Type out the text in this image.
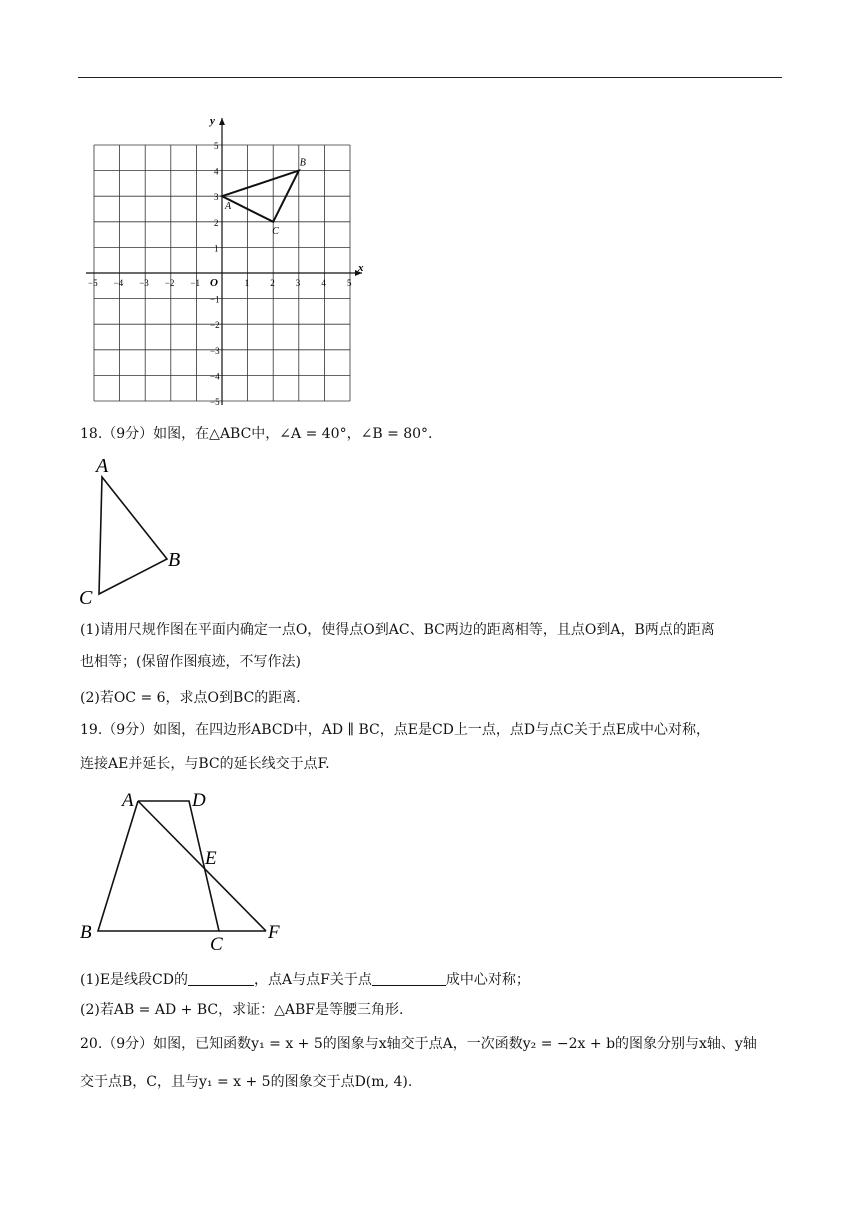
x
y
O
−5 −4 −3 −2 −1	1 2 3 4 5
5
4
3
2
1
−1
−2
−3
−4
−5
A
B
C
18.（9分）如图，在△ABC中，∠A = 40°，∠B = 80°.
A
B
C
(1)请用尺规作图在平面内确定一点O，使得点O到AC、BC两边的距离相等，且点O到A，B两点的距离
也相等；(保留作图痕迹，不写作法)
(2)若OC = 6，求点O到BC的距离.
19.（9分）如图，在四边形ABCD中，AD ∥ BC，点E是CD上一点，点D与点C关于点E成中心对称，
连接AE并延长，与BC的延长线交于点F.
A	D
E
B
C
F
(1)E是线段CD的	，点A与点F关于点	成中心对称；
(2)若AB = AD + BC，求证：△ABF是等腰三角形.
20.（9分）如图，已知函数y₁ = x + 5的图象与x轴交于点A，一次函数y₂ = −2x + b的图象分别与x轴、y轴
交于点B，C，且与y₁ = x + 5的图象交于点D(m, 4).
